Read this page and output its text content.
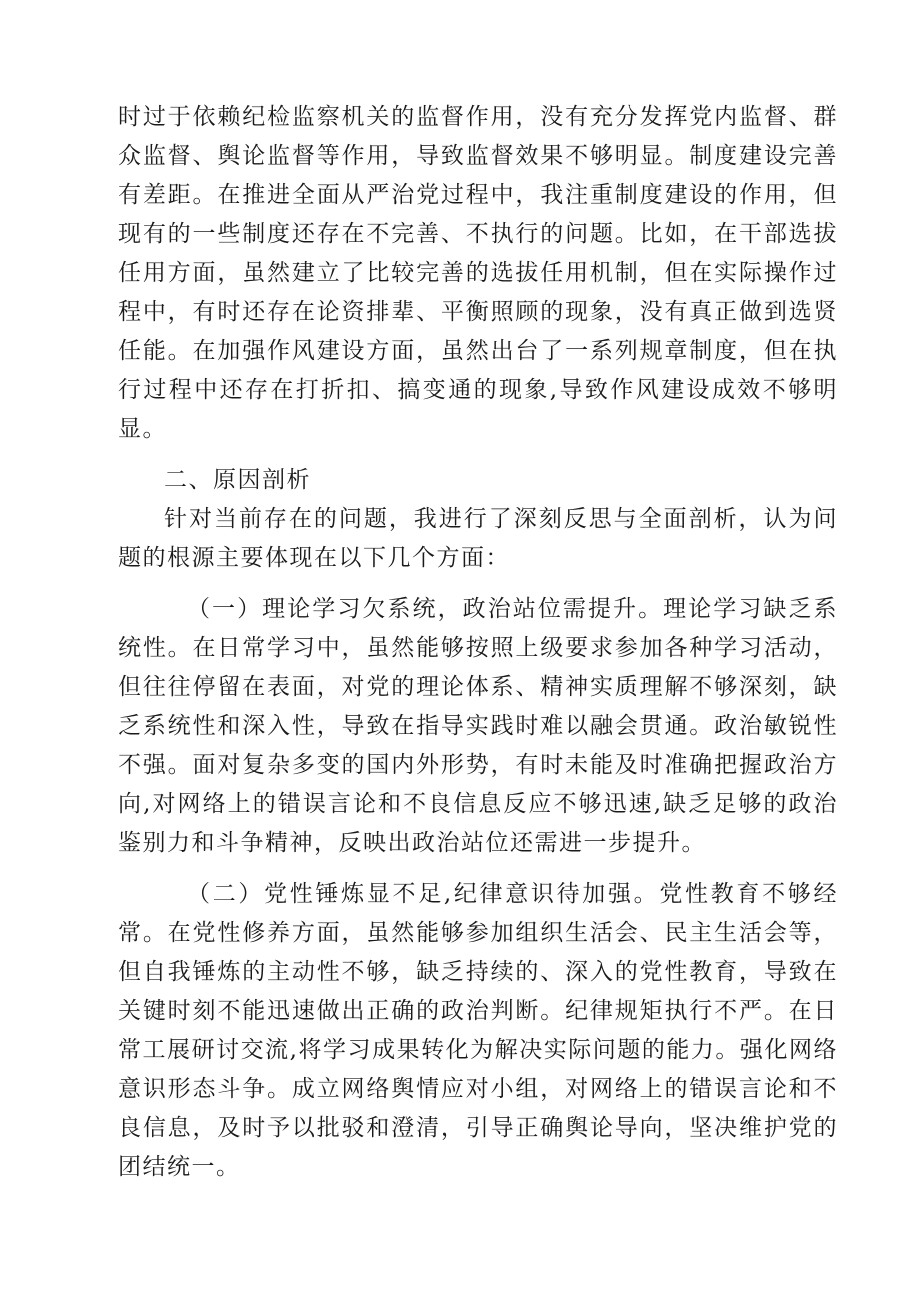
时过于依赖纪检监察机关的监督作用，没有充分发挥党内监督、群众监督、舆论监督等作用，导致监督效果不够明显。制度建设完善有差距。在推进全面从严治党过程中，我注重制度建设的作用，但现有的一些制度还存在不完善、不执行的问题。比如，在干部选拔任用方面，虽然建立了比较完善的选拔任用机制，但在实际操作过程中，有时还存在论资排辈、平衡照顾的现象，没有真正做到选贤任能。在加强作风建设方面，虽然出台了一系列规章制度，但在执行过程中还存在打折扣、搞变通的现象,导致作风建设成效不够明显。

二、原因剖析

针对当前存在的问题，我进行了深刻反思与全面剖析，认为问题的根源主要体现在以下几个方面：

（一）理论学习欠系统，政治站位需提升。理论学习缺乏系统性。在日常学习中，虽然能够按照上级要求参加各种学习活动，但往往停留在表面，对党的理论体系、精神实质理解不够深刻，缺乏系统性和深入性，导致在指导实践时难以融会贯通。政治敏锐性不强。面对复杂多变的国内外形势，有时未能及时准确把握政治方向,对网络上的错误言论和不良信息反应不够迅速,缺乏足够的政治鉴别力和斗争精神，反映出政治站位还需进一步提升。

（二）党性锤炼显不足,纪律意识待加强。党性教育不够经常。在党性修养方面，虽然能够参加组织生活会、民主生活会等，但自我锤炼的主动性不够，缺乏持续的、深入的党性教育，导致在关键时刻不能迅速做出正确的政治判断。纪律规矩执行不严。在日常工展研讨交流,将学习成果转化为解决实际问题的能力。强化网络意识形态斗争。成立网络舆情应对小组，对网络上的错误言论和不良信息，及时予以批驳和澄清，引导正确舆论导向，坚决维护党的团结统一。
